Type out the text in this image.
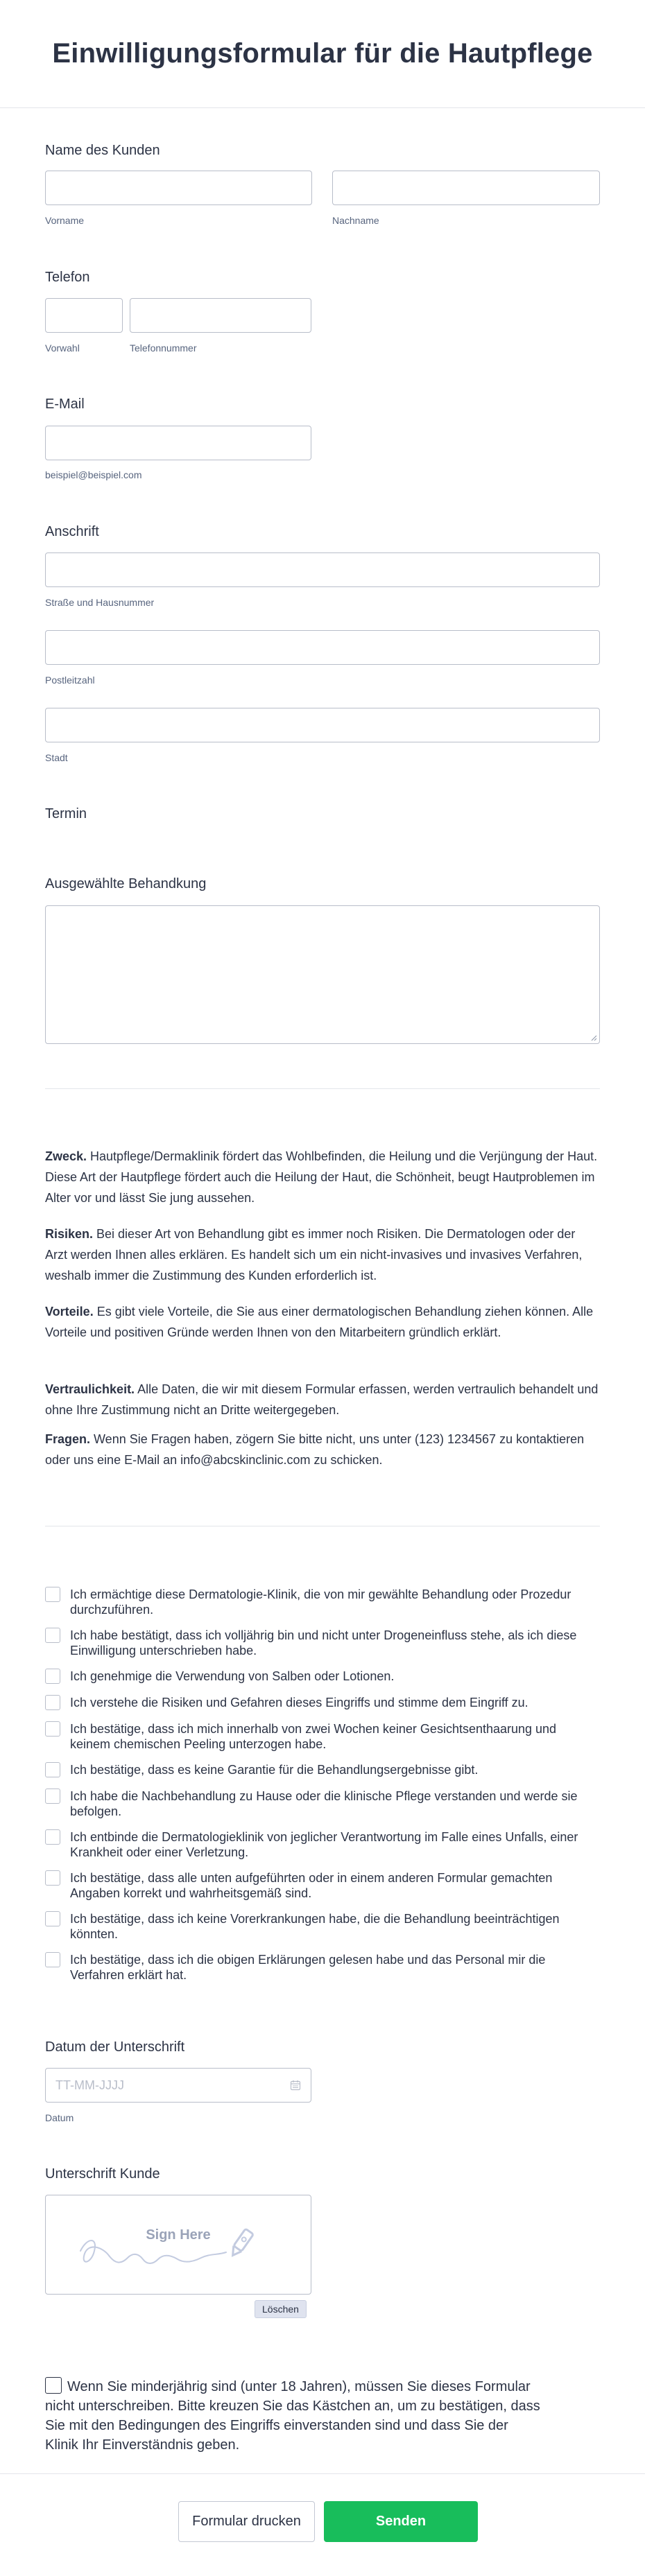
Einwilligungsformular für die Hautpflege
Name des Kunden
Vorname	Nachname
Telefon
Vorwahl	Telefonnummer
E-Mail
beispiel@beispiel.com
Anschrift
Straße und Hausnummer
Postleitzahl
Stadt
Termin
Ausgewählte Behandkung
Zweck. Hautpflege/Dermaklinik fördert das Wohlbefinden, die Heilung und die Verjüngung der Haut. Diese Art der Hautpflege fördert auch die Heilung der Haut, die Schönheit, beugt Hautproblemen im Alter vor und lässt Sie jung aussehen.
Risiken. Bei dieser Art von Behandlung gibt es immer noch Risiken. Die Dermatologen oder der Arzt werden Ihnen alles erklären. Es handelt sich um ein nicht-invasives und invasives Verfahren, weshalb immer die Zustimmung des Kunden erforderlich ist.
Vorteile. Es gibt viele Vorteile, die Sie aus einer dermatologischen Behandlung ziehen können. Alle Vorteile und positiven Gründe werden Ihnen von den Mitarbeitern gründlich erklärt.
Vertraulichkeit. Alle Daten, die wir mit diesem Formular erfassen, werden vertraulich behandelt und ohne Ihre Zustimmung nicht an Dritte weitergegeben.
Fragen. Wenn Sie Fragen haben, zögern Sie bitte nicht, uns unter (123) 1234567 zu kontaktieren oder uns eine E-Mail an info@abcskinclinic.com zu schicken.
Ich ermächtige diese Dermatologie-Klinik, die von mir gewählte Behandlung oder Prozedur durchzuführen.
Ich habe bestätigt, dass ich volljährig bin und nicht unter Drogeneinfluss stehe, als ich diese Einwilligung unterschrieben habe.
Ich genehmige die Verwendung von Salben oder Lotionen.
Ich verstehe die Risiken und Gefahren dieses Eingriffs und stimme dem Eingriff zu.
Ich bestätige, dass ich mich innerhalb von zwei Wochen keiner Gesichtsenthaarung und keinem chemischen Peeling unterzogen habe.
Ich bestätige, dass es keine Garantie für die Behandlungsergebnisse gibt.
Ich habe die Nachbehandlung zu Hause oder die klinische Pflege verstanden und werde sie befolgen.
Ich entbinde die Dermatologieklinik von jeglicher Verantwortung im Falle eines Unfalls, einer Krankheit oder einer Verletzung.
Ich bestätige, dass alle unten aufgeführten oder in einem anderen Formular gemachten Angaben korrekt und wahrheitsgemäß sind.
Ich bestätige, dass ich keine Vorerkrankungen habe, die die Behandlung beeinträchtigen könnten.
Ich bestätige, dass ich die obigen Erklärungen gelesen habe und das Personal mir die Verfahren erklärt hat.
Datum der Unterschrift
TT-MM-JJJJ
Datum
Unterschrift Kunde
Sign Here
Löschen
Wenn Sie minderjährig sind (unter 18 Jahren), müssen Sie dieses Formular nicht unterschreiben. Bitte kreuzen Sie das Kästchen an, um zu bestätigen, dass Sie mit den Bedingungen des Eingriffs einverstanden sind und dass Sie der Klinik Ihr Einverständnis geben.
Formular drucken	Senden
